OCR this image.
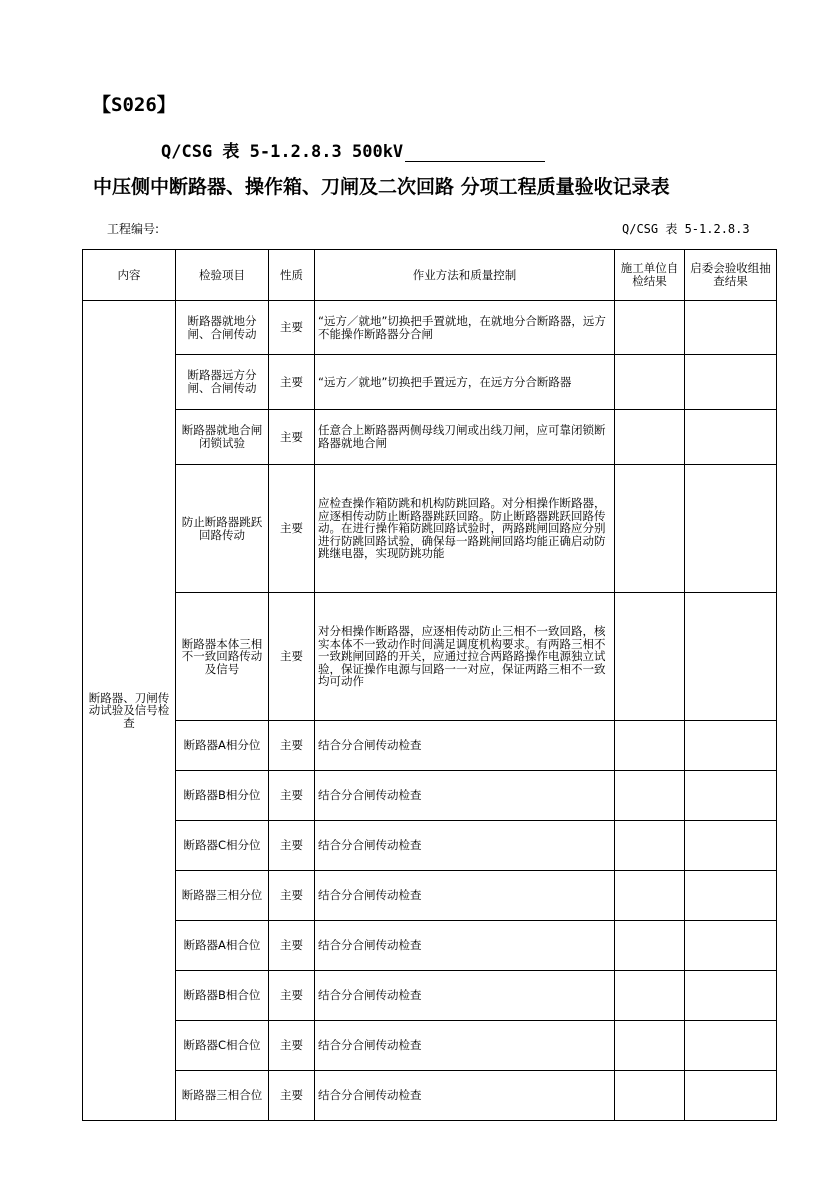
【S026】
Q/CSG 表 5-1.2.8.3 500kV
中压侧中断路器、操作箱、刀闸及二次回路 分项工程质量验收记录表
工程编号:	Q/CSG 表 5-1.2.8.3
内容	检验项目	性质	作业方法和质量控制	施工单位自检结果	启委会验收组抽查结果
断路器、刀闸传动试验及信号检查	断路器就地分闸、合闸传动	主要	“远方／就地”切换把手置就地，在就地分合断路器，远方不能操作断路器分合闸		
	断路器远方分闸、合闸传动	主要	“远方／就地”切换把手置远方，在远方分合断路器		
	断路器就地合闸闭锁试验	主要	任意合上断路器两侧母线刀闸或出线刀闸，应可靠闭锁断路器就地合闸		
	防止断路器跳跃回路传动	主要	应检查操作箱防跳和机构防跳回路。对分相操作断路器，应逐相传动防止断路器跳跃回路。防止断路器跳跃回路传动。在进行操作箱防跳回路试验时，两路跳闸回路应分别进行防跳回路试验，确保每一路跳闸回路均能正确启动防跳继电器，实现防跳功能		
	断路器本体三相不一致回路传动及信号	主要	对分相操作断路器，应逐相传动防止三相不一致回路，核实本体不一致动作时间满足调度机构要求。有两路三相不一致跳闸回路的开关，应通过拉合两路路操作电源独立试验，保证操作电源与回路一一对应，保证两路三相不一致均可动作		
	断路器A相分位	主要	结合分合闸传动检查		
	断路器B相分位	主要	结合分合闸传动检查		
	断路器C相分位	主要	结合分合闸传动检查		
	断路器三相分位	主要	结合分合闸传动检查		
	断路器A相合位	主要	结合分合闸传动检查		
	断路器B相合位	主要	结合分合闸传动检查		
	断路器C相合位	主要	结合分合闸传动检查		
	断路器三相合位	主要	结合分合闸传动检查		
